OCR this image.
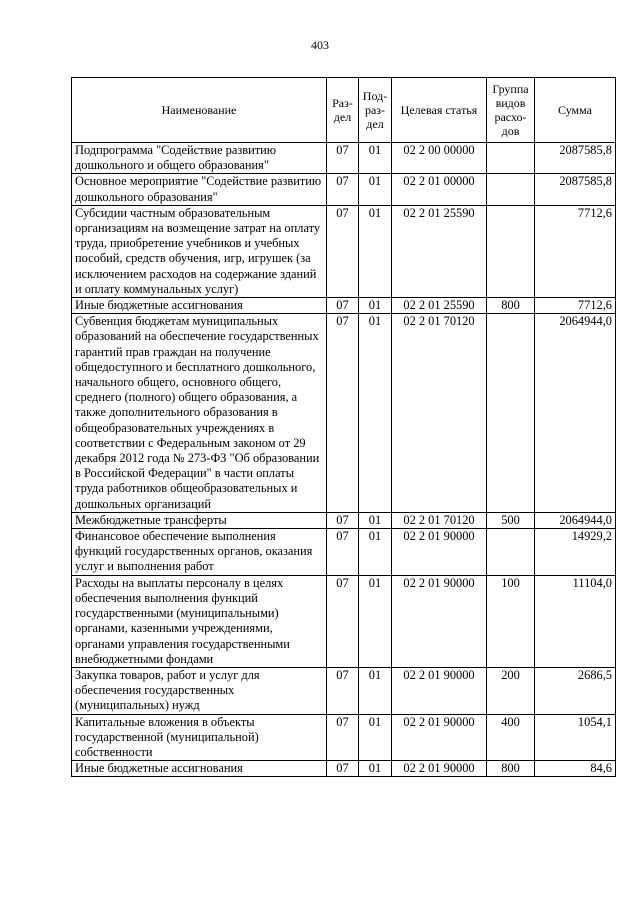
403
Наименование	Раз-дел	Под-раз-дел	Целевая статья	Группа видов расхо-дов	Сумма
Подпрограмма "Содействие развитию дошкольного и общего образования"	07	01	02 2 00 00000		2087585,8
Основное мероприятие "Содействие развитию дошкольного образования"	07	01	02 2 01 00000		2087585,8
Субсидии частным образовательным организациям на возмещение затрат на оплату труда, приобретение учебников и учебных пособий, средств обучения, игр, игрушек (за исключением расходов на содержание зданий и оплату коммунальных услуг)	07	01	02 2 01 25590		7712,6
Иные бюджетные ассигнования	07	01	02 2 01 25590	800	7712,6
Субвенция бюджетам муниципальных образований на обеспечение государственных гарантий прав граждан на получение общедоступного и бесплатного дошкольного, начального общего, основного общего, среднего (полного) общего образования, а также дополнительного образования в общеобразовательных учреждениях в соответствии с Федеральным законом от 29 декабря 2012 года № 273-ФЗ "Об образовании в Российской Федерации" в части оплаты труда работников общеобразовательных и дошкольных организаций	07	01	02 2 01 70120		2064944,0
Межбюджетные трансферты	07	01	02 2 01 70120	500	2064944,0
Финансовое обеспечение выполнения функций государственных органов, оказания услуг и выполнения работ	07	01	02 2 01 90000		14929,2
Расходы на выплаты персоналу в целях обеспечения выполнения функций государственными (муниципальными) органами, казенными учреждениями, органами управления государственными внебюджетными фондами	07	01	02 2 01 90000	100	11104,0
Закупка товаров, работ и услуг для обеспечения государственных (муниципальных) нужд	07	01	02 2 01 90000	200	2686,5
Капитальные вложения в объекты государственной (муниципальной) собственности	07	01	02 2 01 90000	400	1054,1
Иные бюджетные ассигнования	07	01	02 2 01 90000	800	84,6
